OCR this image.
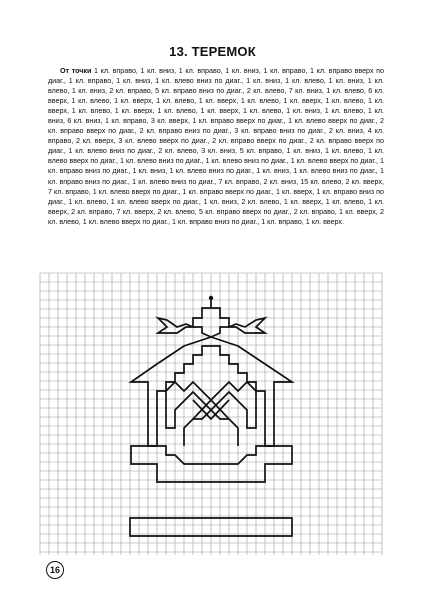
13. ТЕРЕМОК
От точки 1 кл. вправо, 1 кл. вниз, 1 кл. вправо, 1 кл. вниз, 1 кл. вправо, 1 кл. вправо вверх по диаг., 1 кл. вправо, 1 кл. вниз, 1 кл. влево вниз по диаг., 1 кл. вниз, 1 кл. влево, 1 кл. вниз, 1 кл. влево, 1 кл. вниз, 2 кл. вправо, 5 кл. вправо вниз по диаг., 2 кл. влево, 7 кл. вниз, 1 кл. влево, 6 кл. вверх, 1 кл. влево, 1 кл. вверх, 1 кл. влево, 1 кл. вверх, 1 кл. влево, 1 кл. вверх, 1 кл. влево, 1 кл. вверх, 1 кл. влево, 1 кл. вверх, 1 кл. влево, 1 кл. вверх, 1 кл. влево, 1 кл. вниз, 1 кл. влево, 1 кл. вниз, 6 кл. вниз, 1 кл. вправо, 3 кл. вверх, 1 кл. вправо вверх по диаг., 1 кл. влево вверх по диаг., 2 кл. вправо вверх по диаг., 2 кл. вправо вниз по диаг., 3 кл. вправо вниз по диаг., 2 кл. вниз, 4 кл. вправо, 2 кл. вверх, 3 кл. влево вверх по диаг., 2 кл. вправо вверх по диаг., 2 кл. вправо вверх по диаг., 1 кл. влево вниз по диаг., 2 кл. влево, 3 кл. вниз, 5 кл. вправо, 1 кл. вниз, 1 кл. влево, 1 кл. влево вверх по диаг., 1 кл. влево вниз по диаг., 1 кл. влево вниз по диаг., 1 кл. влево вверх по диаг., 1 кл. вправо вниз по диаг., 1 кл. вниз, 1 кл. влево вниз по диаг., 1 кл. вниз, 1 кл. влево вниз по диаг., 1 кл. вправо вниз по диаг., 1 кл. влево вниз по диаг., 7 кл. вправо, 2 кл. вниз, 15 кл. влево, 2 кл. вверх, 7 кл. вправо, 1 кл. влево вверх по диаг., 1 кл. вправо вверх по диаг., 1 кл. вверх, 1 кл. вправо вниз по диаг., 1 кл. влево, 1 кл. влево вверх по диаг., 1 кл. вниз, 2 кл. влево, 1 кл. вверх, 1 кл. влево, 1 кл. вверх, 2 кл. вправо, 7 кл. вверх, 2 кл. влево, 5 кл. вправо вверх по диаг., 2 кл. вправо, 1 кл. вверх, 2 кл. влево, 1 кл. влево вверх по диаг., 1 кл. вправо вниз по диаг., 1 кл. вправо, 1 кл. вверх.
16
